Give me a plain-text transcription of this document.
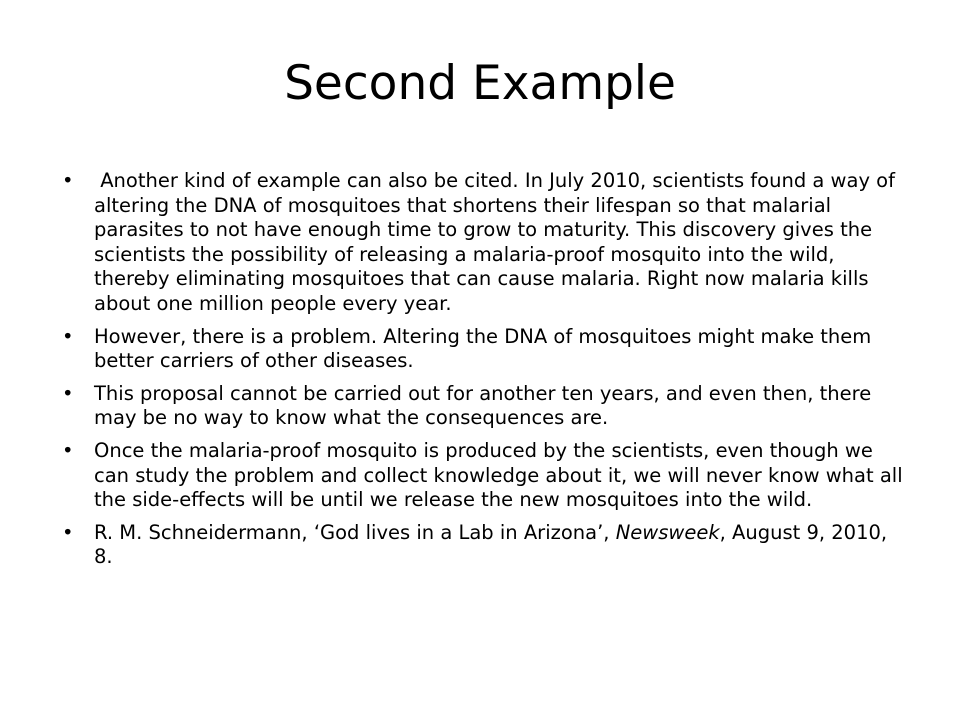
Second Example
• Another kind of example can also be cited. In July 2010, scientists found a way of altering the DNA of mosquitoes that shortens their lifespan so that malarial parasites to not have enough time to grow to maturity. This discovery gives the scientists the possibility of releasing a malaria-proof mosquito into the wild, thereby eliminating mosquitoes that can cause malaria. Right now malaria kills about one million people every year.
• However, there is a problem. Altering the DNA of mosquitoes might make them better carriers of other diseases.
• This proposal cannot be carried out for another ten years, and even then, there may be no way to know what the consequences are.
• Once the malaria-proof mosquito is produced by the scientists, even though we can study the problem and collect knowledge about it, we will never know what all the side-effects will be until we release the new mosquitoes into the wild.
• R. M. Schneidermann, ‘God lives in a Lab in Arizona’, Newsweek, August 9, 2010, 8.
